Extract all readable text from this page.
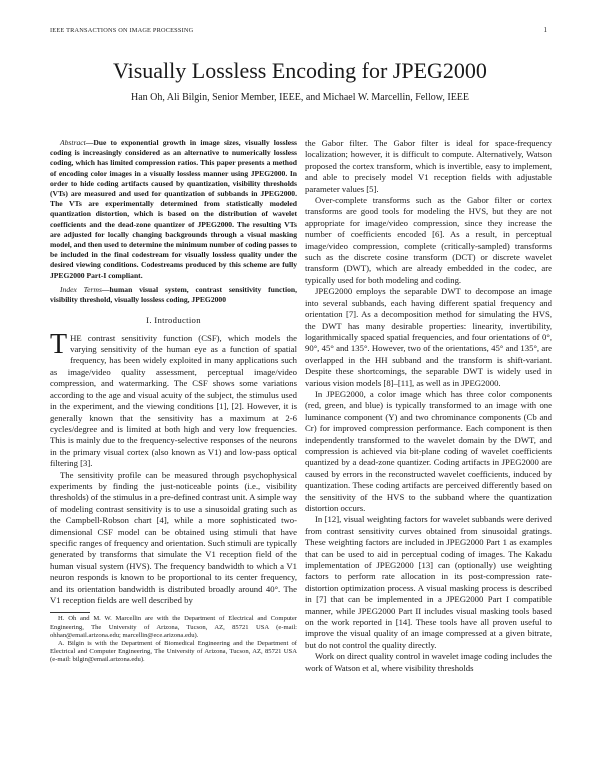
IEEE TRANSACTIONS ON IMAGE PROCESSING	1
Visually Lossless Encoding for JPEG2000
Han Oh, Ali Bilgin, Senior Member, IEEE, and Michael W. Marcellin, Fellow, IEEE

Abstract—Due to exponential growth in image sizes, visually lossless coding is increasingly considered as an alternative to numerically lossless coding, which has limited compression ratios. This paper presents a method of encoding color images in a visually lossless manner using JPEG2000. In order to hide coding artifacts caused by quantization, visibility thresholds (VTs) are measured and used for quantization of subbands in JPEG2000. The VTs are experimentally determined from statistically modeled quantization distortion, which is based on the distribution of wavelet coefficients and the dead-zone quantizer of JPEG2000. The resulting VTs are adjusted for locally changing backgrounds through a visual masking model, and then used to determine the minimum number of coding passes to be included in the final codestream for visually lossless quality under the desired viewing conditions. Codestreams produced by this scheme are fully JPEG2000 Part-I compliant.

Index Terms—human visual system, contrast sensitivity function, visibility threshold, visually lossless coding, JPEG2000

I. Introduction

THE contrast sensitivity function (CSF), which models the varying sensitivity of the human eye as a function of spatial frequency, has been widely exploited in many applications such as image/video quality assessment, perceptual image/video compression, and watermarking. The CSF shows some variations according to the age and visual acuity of the subject, the stimulus used in the experiment, and the viewing conditions [1], [2]. However, it is generally known that the sensitivity has a maximum at 2-6 cycles/degree and is limited at both high and very low frequencies. This is mainly due to the frequency-selective responses of the neurons in the primary visual cortex (also known as V1) and low-pass optical filtering [3].

The sensitivity profile can be measured through psychophysical experiments by finding the just-noticeable points (i.e., visibility thresholds) of the stimulus in a pre-defined contrast unit. A simple way of modeling contrast sensitivity is to use a sinusoidal grating such as the Campbell-Robson chart [4], while a more sophisticated two-dimensional CSF model can be obtained using stimuli that have specific ranges of frequency and orientation. Such stimuli are typically generated by transforms that simulate the V1 reception field of the human visual system (HVS). The frequency bandwidth to which a V1 neuron responds is known to be proportional to its center frequency, and its orientation bandwidth is distributed broadly around 40°. The V1 reception fields are well described by

H. Oh and M. W. Marcellin are with the Department of Electrical and Computer Engineering, The University of Arizona, Tucson, AZ, 85721 USA (e-mail: ohhan@email.arizona.edu; marcellin@ece.arizona.edu).

A. Bilgin is with the Department of Biomedical Engineering and the Department of Electrical and Computer Engineering, The University of Arizona, Tucson, AZ, 85721 USA (e-mail: bilgin@email.arizona.edu).

the Gabor filter. The Gabor filter is ideal for space-frequency localization; however, it is difficult to compute. Alternatively, Watson proposed the cortex transform, which is invertible, easy to implement, and able to precisely model V1 reception fields with adjustable parameter values [5].

Over-complete transforms such as the Gabor filter or cortex transforms are good tools for modeling the HVS, but they are not appropriate for image/video compression, since they increase the number of coefficients encoded [6]. As a result, in perceptual image/video compression, complete (critically-sampled) transforms such as the discrete cosine transform (DCT) or discrete wavelet transform (DWT), which are already embedded in the codec, are typically used for both modeling and coding.

JPEG2000 employs the separable DWT to decompose an image into several subbands, each having different spatial frequency and orientation [7]. As a decomposition method for simulating the HVS, the DWT has many desirable properties: linearity, invertibility, logarithmically spaced spatial frequencies, and four orientations of 0°, 90°, 45° and 135°. However, two of the orientations, 45° and 135°, are overlapped in the HH subband and the transform is shift-variant. Despite these shortcomings, the separable DWT is widely used in various vision models [8]–[11], as well as in JPEG2000.

In JPEG2000, a color image which has three color components (red, green, and blue) is typically transformed to an image with one luminance component (Y) and two chrominance components (Cb and Cr) for improved compression performance. Each component is then independently transformed to the wavelet domain by the DWT, and compression is achieved via bit-plane coding of wavelet coefficients quantized by a dead-zone quantizer. Coding artifacts in JPEG2000 are caused by errors in the reconstructed wavelet coefficients, induced by quantization. These coding artifacts are perceived differently based on the sensitivity of the HVS to the subband where the quantization distortion occurs.

In [12], visual weighting factors for wavelet subbands were derived from contrast sensitivity curves obtained from sinusoidal gratings. These weighting factors are included in JPEG2000 Part 1 as examples that can be used to aid in perceptual coding of images. The Kakadu implementation of JPEG2000 [13] can (optionally) use weighting factors to perform rate allocation in its post-compression rate-distortion optimization process. A visual masking process is described in [7] that can be implemented in a JPEG2000 Part I compatible manner, while JPEG2000 Part II includes visual masking tools based on the work reported in [14]. These tools have all proven useful to improve the visual quality of an image compressed at a given bitrate, but do not control the quality directly.

Work on direct quality control in wavelet image coding includes the work of Watson et al, where visibility thresholds
